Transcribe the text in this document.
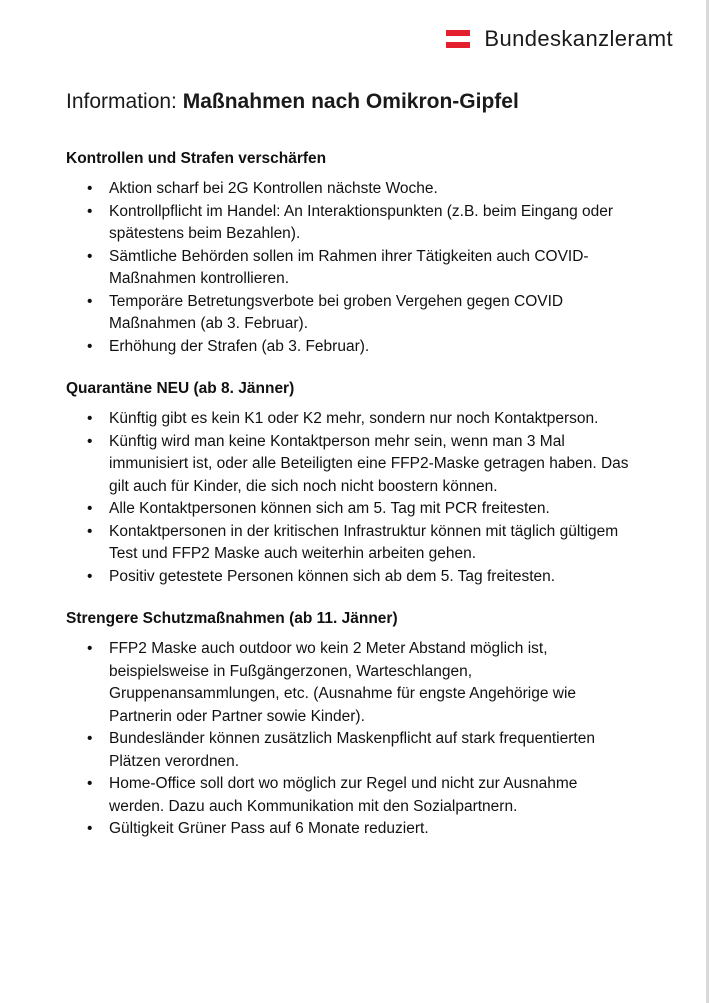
Bundeskanzleramt
Information: Maßnahmen nach Omikron-Gipfel
Kontrollen und Strafen verschärfen
• Aktion scharf bei 2G Kontrollen nächste Woche.
• Kontrollpflicht im Handel: An Interaktionspunkten (z.B. beim Eingang oder spätestens beim Bezahlen).
• Sämtliche Behörden sollen im Rahmen ihrer Tätigkeiten auch COVID-Maßnahmen kontrollieren.
• Temporäre Betretungsverbote bei groben Vergehen gegen COVID Maßnahmen (ab 3. Februar).
• Erhöhung der Strafen (ab 3. Februar).
Quarantäne NEU (ab 8. Jänner)
• Künftig gibt es kein K1 oder K2 mehr, sondern nur noch Kontaktperson.
• Künftig wird man keine Kontaktperson mehr sein, wenn man 3 Mal immunisiert ist, oder alle Beteiligten eine FFP2-Maske getragen haben. Das gilt auch für Kinder, die sich noch nicht boostern können.
• Alle Kontaktpersonen können sich am 5. Tag mit PCR freitesten.
• Kontaktpersonen in der kritischen Infrastruktur können mit täglich gültigem Test und FFP2 Maske auch weiterhin arbeiten gehen.
• Positiv getestete Personen können sich ab dem 5. Tag freitesten.
Strengere Schutzmaßnahmen (ab 11. Jänner)
• FFP2 Maske auch outdoor wo kein 2 Meter Abstand möglich ist, beispielsweise in Fußgängerzonen, Warteschlangen, Gruppenansammlungen, etc. (Ausnahme für engste Angehörige wie Partnerin oder Partner sowie Kinder).
• Bundesländer können zusätzlich Maskenpflicht auf stark frequentierten Plätzen verordnen.
• Home-Office soll dort wo möglich zur Regel und nicht zur Ausnahme werden. Dazu auch Kommunikation mit den Sozialpartnern.
• Gültigkeit Grüner Pass auf 6 Monate reduziert.
